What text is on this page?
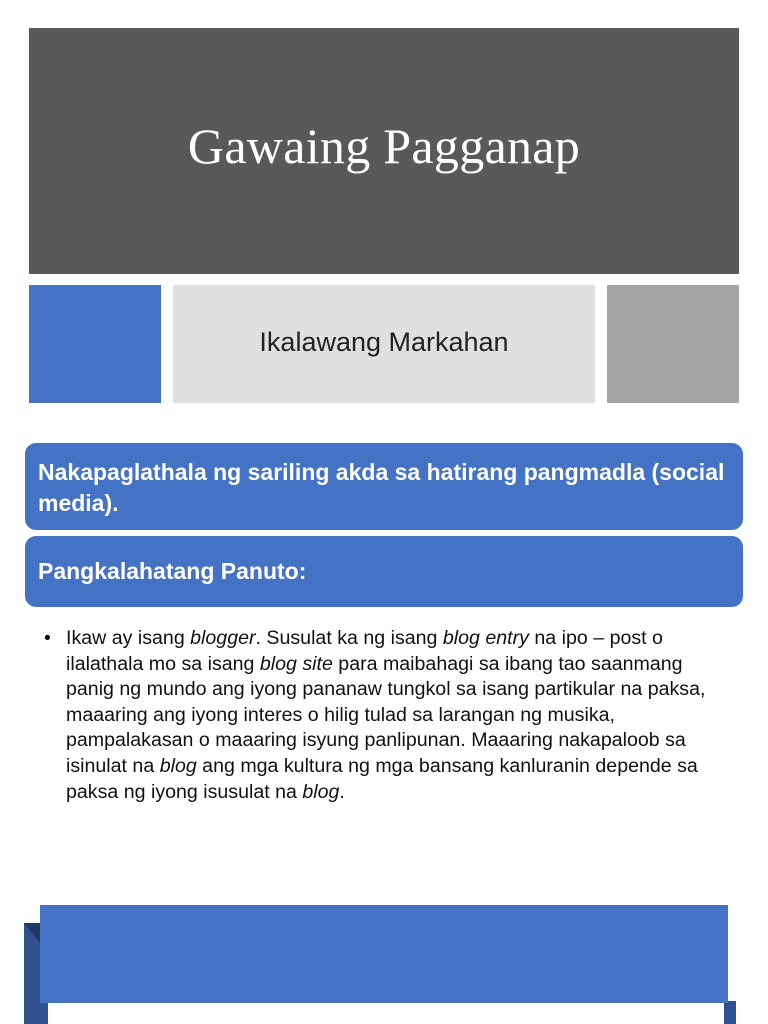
Gawaing Pagganap
Ikalawang Markahan
Nakapaglathala ng sariling akda sa hatirang pangmadla (social media).
Pangkalahatang Panuto:
• Ikaw ay isang blogger. Susulat ka ng isang blog entry na ipo – post o ilalathala mo sa isang blog site para maibahagi sa ibang tao saanmang panig ng mundo ang iyong pananaw tungkol sa isang partikular na paksa, maaaring ang iyong interes o hilig tulad sa larangan ng musika, pampalakasan o maaaring isyung panlipunan. Maaaring nakapaloob sa isinulat na blog ang mga kultura ng mga bansang kanluranin depende sa paksa ng iyong isusulat na blog.
